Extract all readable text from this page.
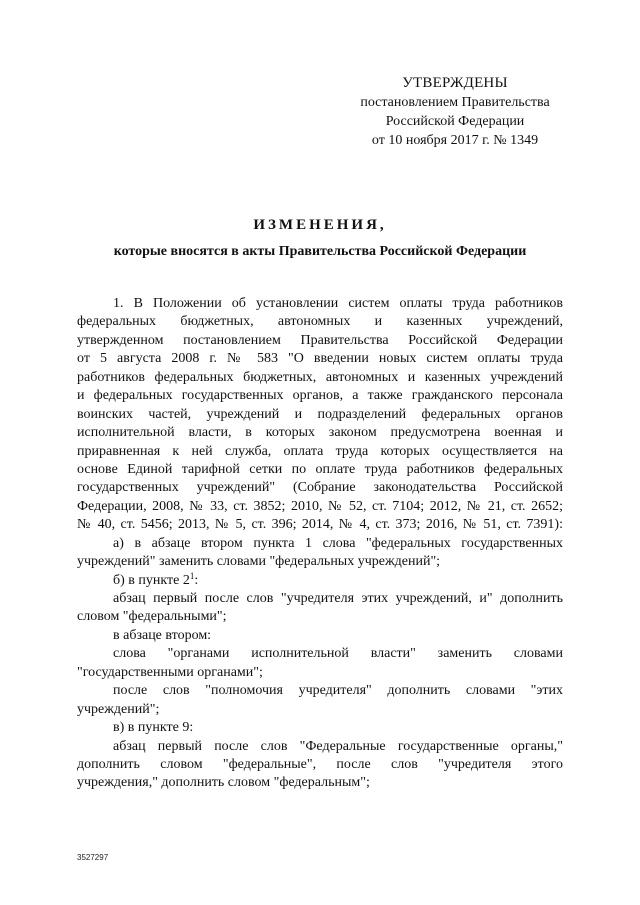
УТВЕРЖДЕНЫ
постановлением Правительства
Российской Федерации
от 10 ноября 2017 г. № 1349
ИЗМЕНЕНИЯ,
которые вносятся в акты Правительства Российской Федерации
1. В Положении об установлении систем оплаты труда работников
федеральных бюджетных, автономных и казенных учреждений,
утвержденном постановлением Правительства Российской Федерации
от 5 августа 2008 г. № 583 "О введении новых систем оплаты труда
работников федеральных бюджетных, автономных и казенных учреждений
и федеральных государственных органов, а также гражданского персонала
воинских частей, учреждений и подразделений федеральных органов
исполнительной власти, в которых законом предусмотрена военная и
приравненная к ней служба, оплата труда которых осуществляется на
основе Единой тарифной сетки по оплате труда работников федеральных
государственных учреждений" (Собрание законодательства Российской
Федерации, 2008, № 33, ст. 3852; 2010, № 52, ст. 7104; 2012, № 21, ст. 2652;
№ 40, ст. 5456; 2013, № 5, ст. 396; 2014, № 4, ст. 373; 2016, № 51, ст. 7391):
а) в абзаце втором пункта 1 слова "федеральных государственных
учреждений" заменить словами "федеральных учреждений";
б) в пункте $2^1$:
абзац первый после слов "учредителя этих учреждений, и" дополнить
словом "федеральными";
в абзаце втором:
слова "органами исполнительной власти" заменить словами
"государственными органами";
после слов "полномочия учредителя" дополнить словами "этих
учреждений";
в) в пункте 9:
абзац первый после слов "Федеральные государственные органы,"
дополнить словом "федеральные", после слов "учредителя этого
учреждения," дополнить словом "федеральным";
3527297
